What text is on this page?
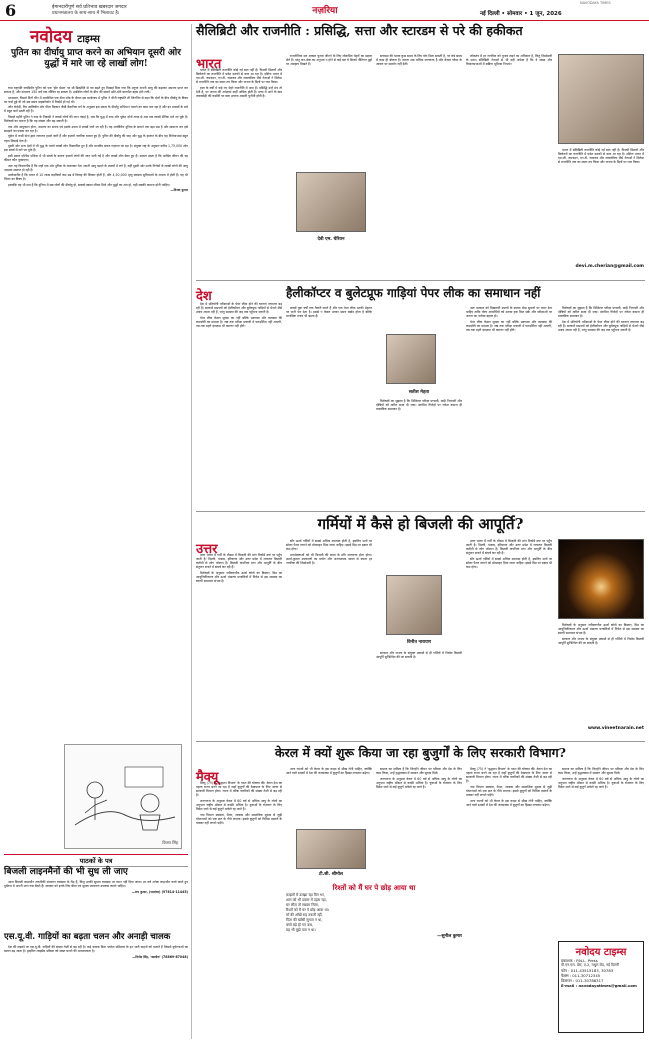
6	ईमानदारीपूर्ण सर्व प्रतिभाव खबरदार जगदार
प्रधानमंत्रालय के साथ-साथ में भिलावट है।	नज़रिया
NAVODAYA TIMES
नई दिल्ली • सोमवार • 1 जून, 2026
नवोदय टाइम्स
पुतिन का दीर्घायु प्राप्त करने का अभियान दूसरी ओर युद्धों में मारे जा रहे लाखों लोग!

रूस राष्ट्रपति व्लादिमीर पुतिन को एक 'हॉट मेडल' पर सी डिस्प्रोज़ि से पत्र बढ़ते हुए दिखाई दिया गया कि मनुष्य अपनी आयु की बढ़ाकर अमरता प्राप्त कर सकता है, और संभवतः 150 वर्ष तक जीवित रह सकता है। उपस्थित लोगों के बीच की सामने छोटे-मोटे बातचीत बहस होने लगी।

दरअसल, पिछले दिनों चीन में आयोजित एक सैन्य परेड के दौरान इस वार्तालाप में पुतिन ने चीनी राष्ट्रपति शी जिनपिंग से कहा कि दोनों के बीच दीर्घायु के विषय पर चर्चा हुई थी जो उस समय माइक्रोफोन में रिकॉर्ड हो गई थी।

जॉन केनेडी, रिम आलिबीग और पीटर विल्सन जैसी वैज्ञानिक वर्ग के अनुसार इस प्रकार के दीर्घायु अभियान चलाने का काम चल रहा है और इन प्रयासों के बारे में बहुत बातें उठती रही हैं।

पिछले महीने पुतिन ने रूस के निवासी ने लाखों लोगों की जान गंवाई है, जब कि युद्ध में रूस और यूक्रेन दोनों तरफ़ से अब तक लाखों सैनिक मारे जा चुके हैं। विशेषज्ञों का मानना है कि यह संख्या और बढ़ सकती है।

एक ओर आयुष्मान होना, अमरता का सपना एवं इसके उपाय में लाखों जानें जा रही हैं। यह अंतर्विरोध दुनिया के सामने एक बड़ा प्रश्न है और सामान्य जन इसे समझने का प्रयास कर रहा है।

यूक्रेन में रूसी सेना द्वारा लगातार हमले जारी हैं और हज़ारों नागरिक घायल हुए हैं। पुतिन की दीर्घायु की चाह और युद्ध के हालात के बीच यह विरोधाभास बहुत गहरा दिखाई देता है।

दूसरी ओर अन्य देशों में भी युद्ध के चलते लाखों लोग विस्थापित हुए हैं और मानवीय संकट गहराता जा रहा है। संयुक्त राष्ट्र के अनुसार करीब 1,75,000 लोग इस संघर्ष में मारे जा चुके हैं।

इसी प्रकार पश्चिम एशिया में भी संघर्ष के कारण हज़ारों लोगों की जान चली गई है और लाखों लोग बेघर हुए हैं। सवाल उठता है कि आखिर जीवन की यह कीमत कौन चुकाएगा।

अतः यह विचारणीय है कि जहाँ एक ओर दुनिया के ताकतवर नेता अपनी आयु बढ़ाने के उपायों में लगे हैं, वहीं दूसरी ओर उनके निर्णयों से लाखों लोगों की आयु असमय समाप्त हो रही है।

उल्लेखनीय है कि भारत में 10 लाख लड़कियाँ कम उम्र में विवाह की शिकार होती हैं, और 4,50,000 मृत्यु स्वास्थ्य सुविधाओं के अभाव में होती हैं। यह भी चिंतन का विषय है।

हालांकि यह भी सच है कि दुनिया में सब लोगों की दीर्घायु हो, सबको स्वस्थ जीवन मिले और युद्धों का अंत हो, यही सबकी कामना होनी चाहिए।

—विजय कुमार

विजय सिंह
पाठकों के पत्र
बिजली लाइनमैनों की भी सुध ली जाए

आज बिजली लाइनमैन तकनीकी संचालन व्यवस्था के रीढ़ हैं, किंतु उनकी सुरक्षा व्यवस्था पर ध्यान नहीं दिया जाता। हर वर्ष अनेक लाइनमैन कार्य करते हुए दुर्घटना में अपनी जान गंवा बैठते हैं। सरकार को इनके लिए बीमा एवं सुरक्षा उपकरण उपलब्ध कराने चाहिए।

—राम कुमार, (जालंधर) (97814-11445)

एस.यू.वी. गाड़ियों का बढ़ता चलन और अनाड़ी चालक

देश की सड़कों पर एस.यू.वी. गाड़ियों की संख्या तेज़ी से बढ़ रही है। कई चालक बिना पर्याप्त प्रशिक्षण के इन भारी वाहनों को चलाते हैं जिससे दुर्घटनाओं का खतरा बढ़ जाता है। ड्राइविंग लाइसेंस प्रक्रिया को सख्त बनाने की आवश्यकता है।

—विनोद सिंह, 'खातोरा' (78869-87048)

सैलिब्रिटी और राजनीति : प्रसिद्धि, सत्ता और स्टारडम से परे की हकीकत
भारत

भारत में सेलिब्रिटी राजनीति कोई नई बात नहीं है। फिल्मी सितारों और क्रिकेटरों का राजनीति में प्रवेश दशकों से चला आ रहा है। दक्षिण भारत में एम.जी. रामचंद्रन, एन.टी. रामाराव और जयललिता जैसे नेताओं ने सिनेमा से राजनीति तक का सफर तय किया और जनता के दिलों पर राज किया।

हाल के वर्षों में कई नए चेहरे राजनीति में आए हैं। प्रसिद्धि उन्हें मंच तो देती है, पर जनता की अपेक्षाएं कहीं अधिक होती हैं। सत्ता में आने के बाद जवाबदेही की कसौटी पर खरा उतरना असली चुनौती होती है।

राजनीतिक दल अक्सर चुनाव जीतने के लिए लोकप्रिय चेहरों का सहारा लेते हैं। परंतु जन-सेवा का अनुभव न होने से कई बार ये सितारे नीतिगत मुद्दों पर असहाय दिखते हैं।

देवी एम. चेरियन

स्टारडम की चमक कुछ समय के लिए वोट दिला सकती है, पर लंबे समय में काम ही बोलता है। जनता अब अधिक जागरूक है और केवल ग्लैमर के आधार पर समर्थन नहीं देती।

लोकतंत्र में हर नागरिक को चुनाव लड़ने का अधिकार है, किंतु जिम्मेदारी के साथ। सेलिब्रिटी नेताओं से भी यही अपेक्षा है कि वे संसद और विधानसभाओं में सक्रिय भूमिका निभाएं।

भारत में सेलिब्रिटी राजनीति कोई नई बात नहीं है। फिल्मी सितारों और क्रिकेटरों का राजनीति में प्रवेश दशकों से चला आ रहा है। दक्षिण भारत में एम.जी. रामचंद्रन, एन.टी. रामाराव और जयललिता जैसे नेताओं ने सिनेमा से राजनीति तक का सफर तय किया और जनता के दिलों पर राज किया।

devi.m.cherian@gmail.com
देश

देश में प्रतियोगी परीक्षाओं के पेपर लीक होने की घटनाएं लगातार बढ़ रही हैं। सरकारें प्रश्नपत्रों को हेलीकॉप्टर और बुलेटप्रूफ गाड़ियों से भेजने जैसे उपाय अपना रही हैं, परंतु समस्या की जड़ तक पहुँचना ज़रूरी है।

पेपर लीक केवल सुरक्षा का नहीं बल्कि भ्रष्टाचार और व्यवस्था की कमज़ोरी का मामला है। जब तक परीक्षा प्रणाली में पारदर्शिता नहीं आएगी, तब तक महंगे इंतज़ाम भी कारगर नहीं होंगे।

हैलीकॉप्टर व बुलेटप्रूफ गाड़ियां पेपर लीक का समाधान नहीं

लाखों युवा वर्षों तक तैयारी करते हैं और एक पेपर लीक उनकी मेहनत पर पानी फेर देता है। इससे न केवल उनका समय बर्बाद होता है बल्कि मानसिक तनाव भी बढ़ता है।

सतीश मेहता

विशेषज्ञों का सुझाव है कि डिजिटल परीक्षा प्रणाली, कड़ी निगरानी और दोषियों को त्वरित सज़ा दी जाए। संगठित गिरोहों पर नकेल कसना ही वास्तविक समाधान है।

अतः सरकार को दिखावटी उपायों के बजाय ठोस सुधारों पर ध्यान देना चाहिए ताकि योग्य अभ्यर्थियों को उनका हक मिल सके और परीक्षाओं पर जनता का भरोसा बहाल हो।

पेपर लीक केवल सुरक्षा का नहीं बल्कि भ्रष्टाचार और व्यवस्था की कमज़ोरी का मामला है। जब तक परीक्षा प्रणाली में पारदर्शिता नहीं आएगी, तब तक महंगे इंतज़ाम भी कारगर नहीं होंगे।

विशेषज्ञों का सुझाव है कि डिजिटल परीक्षा प्रणाली, कड़ी निगरानी और दोषियों को त्वरित सज़ा दी जाए। संगठित गिरोहों पर नकेल कसना ही वास्तविक समाधान है।

देश में प्रतियोगी परीक्षाओं के पेपर लीक होने की घटनाएं लगातार बढ़ रही हैं। सरकारें प्रश्नपत्रों को हेलीकॉप्टर और बुलेटप्रूफ गाड़ियों से भेजने जैसे उपाय अपना रही हैं, परंतु समस्या की जड़ तक पहुँचना ज़रूरी है।

गर्मियों में कैसे हो बिजली की आपूर्ति?
उत्तर

उत्तर भारत में गर्मी के मौसम में बिजली की मांग रिकॉर्ड स्तर पर पहुँच जाती है। दिल्ली, पंजाब, हरियाणा और उत्तर प्रदेश में लगातार बिजली कटौती से लोग परेशान हैं। बिजली कंपनियां मांग और आपूर्ति के बीच संतुलन बनाने में संघर्ष कर रही हैं।

विशेषज्ञों के अनुसार नवीकरणीय ऊर्जा स्रोतों का विस्तार, ग्रिड का आधुनिकीकरण और ऊर्जा भंडारण प्रणालियों में निवेश से इस समस्या का स्थायी समाधान संभव है।

सौर ऊर्जा गर्मियों में सबसे अधिक उपलब्ध होती है, इसलिए छतों पर सोलर पैनल लगाने को प्रोत्साहन दिया जाना चाहिए। इससे ग्रिड पर दबाव भी कम होगा।

उपभोक्ताओं को भी बिजली की बचत के प्रति जागरूक होना होगा। ऊर्जा-कुशल उपकरणों का प्रयोग और अनावश्यक खपत से बचना हर नागरिक की ज़िम्मेदारी है।

विनीत नारायण

सरकार और जनता के संयुक्त प्रयासों से ही गर्मियों में निर्बाध बिजली आपूर्ति सुनिश्चित की जा सकती है।

उत्तर भारत में गर्मी के मौसम में बिजली की मांग रिकॉर्ड स्तर पर पहुँच जाती है। दिल्ली, पंजाब, हरियाणा और उत्तर प्रदेश में लगातार बिजली कटौती से लोग परेशान हैं। बिजली कंपनियां मांग और आपूर्ति के बीच संतुलन बनाने में संघर्ष कर रही हैं।

सौर ऊर्जा गर्मियों में सबसे अधिक उपलब्ध होती है, इसलिए छतों पर सोलर पैनल लगाने को प्रोत्साहन दिया जाना चाहिए। इससे ग्रिड पर दबाव भी कम होगा।

विशेषज्ञों के अनुसार नवीकरणीय ऊर्जा स्रोतों का विस्तार, ग्रिड का आधुनिकीकरण और ऊर्जा भंडारण प्रणालियों में निवेश से इस समस्या का स्थायी समाधान संभव है।

सरकार और जनता के संयुक्त प्रयासों से ही गर्मियों में निर्बाध बिजली आपूर्ति सुनिश्चित की जा सकती है।

www.vineetnarain.net
केरल में क्यों शुरू किया जा रहा बुजुर्गों के लिए सरकारी विभाग?
मैक्यू

मैक्यू (75) ने 'वृद्धजन विभाग' के गठन की घोषणा की। केरल देश का पहला राज्य बनने जा रहा है जहाँ बुजुर्गों की देखभाल के लिए अलग से सरकारी विभाग होगा। राज्य में वरिष्ठ नागरिकों की संख्या तेज़ी से बढ़ रही है।

जनगणना के अनुसार केरल में 60 वर्ष से अधिक आयु के लोगों का अनुपात राष्ट्रीय औसत से काफ़ी अधिक है। युवाओं के रोज़गार के लिए विदेश जाने से कई बुजुर्ग अकेले रह जाते हैं।

नया विभाग स्वास्थ्य, पेंशन, आवास और सामाजिक सुरक्षा से जुड़ी योजनाओं को एक छत के नीचे लाएगा। इससे बुजुर्गों को विभिन्न दफ्तरों के चक्कर नहीं लगाने पड़ेंगे।

अन्य राज्यों को भी केरल के इस कदम से सीख लेनी चाहिए, क्योंकि आने वाले दशकों में देश की जनसंख्या में बुजुर्गों का हिस्सा लगातार बढ़ेगा।

टी.सी. श्रीमोल
रिश्तों को मैं घर पे छोड़ आया था
फ़ाइलों में उलझा रहा दिन भर,
शाम को भी दफ़्तर में ठहरा रहा,
घर लौटा तो सन्नाटा मिला,
रिश्तों को मैं घर पे छोड़ आया था।
माँ की आँखें राह तकती रहीं,
पिता की खाँसी सुनता न था,
बच्चे बड़े हो गए कब,
यह भी मुझे पता न था।
—सुनील कुमार

समाज का दायित्व है कि जिन्होंने जीवन भर परिवार और देश के लिए काम किया, उन्हें वृद्धावस्था में सम्मान और सुरक्षा मिले।

जनगणना के अनुसार केरल में 60 वर्ष से अधिक आयु के लोगों का अनुपात राष्ट्रीय औसत से काफ़ी अधिक है। युवाओं के रोज़गार के लिए विदेश जाने से कई बुजुर्ग अकेले रह जाते हैं।

मैक्यू (75) ने 'वृद्धजन विभाग' के गठन की घोषणा की। केरल देश का पहला राज्य बनने जा रहा है जहाँ बुजुर्गों की देखभाल के लिए अलग से सरकारी विभाग होगा। राज्य में वरिष्ठ नागरिकों की संख्या तेज़ी से बढ़ रही है।

नया विभाग स्वास्थ्य, पेंशन, आवास और सामाजिक सुरक्षा से जुड़ी योजनाओं को एक छत के नीचे लाएगा। इससे बुजुर्गों को विभिन्न दफ्तरों के चक्कर नहीं लगाने पड़ेंगे।

अन्य राज्यों को भी केरल के इस कदम से सीख लेनी चाहिए, क्योंकि आने वाले दशकों में देश की जनसंख्या में बुजुर्गों का हिस्सा लगातार बढ़ेगा।

समाज का दायित्व है कि जिन्होंने जीवन भर परिवार और देश के लिए काम किया, उन्हें वृद्धावस्था में सम्मान और सुरक्षा मिले।

जनगणना के अनुसार केरल में 60 वर्ष से अधिक आयु के लोगों का अनुपात राष्ट्रीय औसत से काफ़ी अधिक है। युवाओं के रोज़गार के लिए विदेश जाने से कई बुजुर्ग अकेले रह जाते हैं।

नवोदय टाइम्स
प्रकाशक : P.N.L. Press
पी.एन.एल. प्रेस, ए-2, मथुरा रोड, नई दिल्ली
फोन : 011-43515183, 30783
फैक्स : 011-30712345
विज्ञापन : 011-30786317
E-mail : navodayatimes@gmail.com
